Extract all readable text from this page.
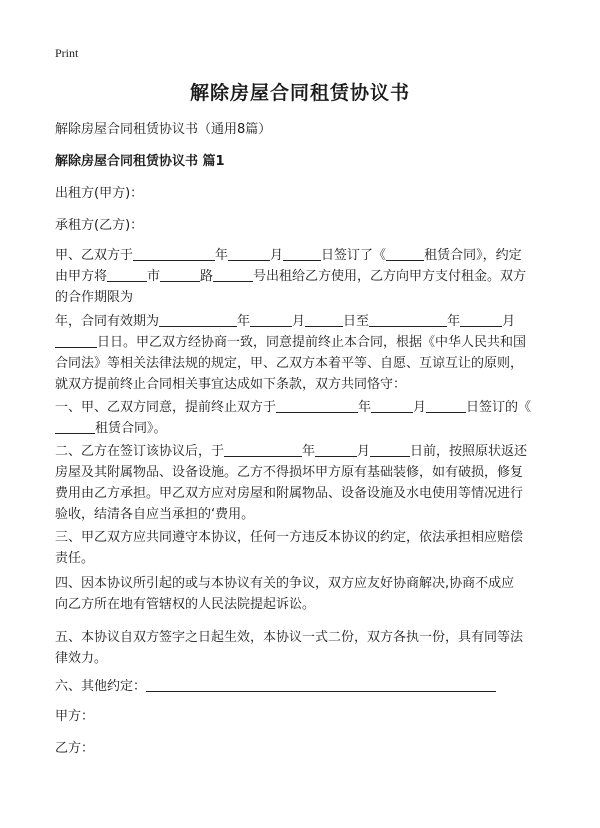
Print
解除房屋合同租赁协议书
解除房屋合同租赁协议书（通用8篇）
解除房屋合同租赁协议书 篇1
出租方(甲方)：
承租方(乙方)：
甲、乙双方于	年	月	日签订了《	租赁合同》，约定
由甲方将	市	路	号出租给乙方使用，乙方向甲方支付租金。双方
的合作期限为
年，合同有效期为	年	月	日至	年	月
日日。甲乙双方经协商一致，同意提前终止本合同，根据《中华人民共和国
合同法》等相关法律法规的规定，甲、乙双方本着平等、自愿、互谅互让的原则，
就双方提前终止合同相关事宜达成如下条款，双方共同恪守：
一、甲、乙双方同意，提前终止双方于	年	月	日签订的《
租赁合同》。
二、乙方在签订该协议后，于	年	月	日前，按照原状返还
房屋及其附属物品、设备设施。乙方不得损坏甲方原有基础装修，如有破损，修复
费用由乙方承担。甲乙双方应对房屋和附属物品、设备设施及水电使用等情况进行
验收，结清各自应当承担的‘费用。
三、甲乙双方应共同遵守本协议，任何一方违反本协议的约定，依法承担相应赔偿
责任。
四、因本协议所引起的或与本协议有关的争议，双方应友好协商解决,协商不成应
向乙方所在地有管辖权的人民法院提起诉讼。
五、本协议自双方签字之日起生效，本协议一式二份，双方各执一份，具有同等法
律效力。
六、其他约定：
甲方：
乙方：
